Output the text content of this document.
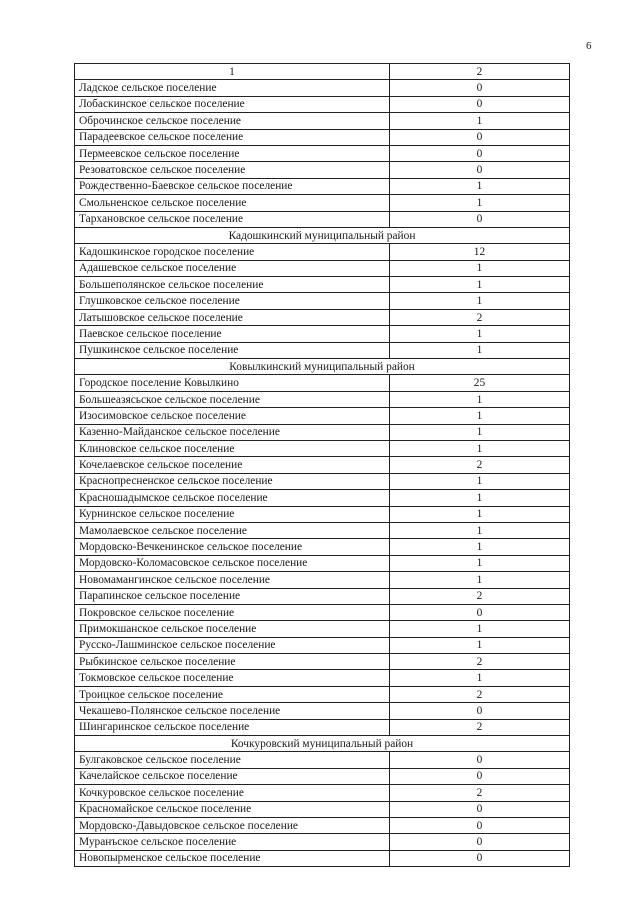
6
1	2
Ладское сельское поселение	0
Лобаскинское сельское поселение	0
Оброчинское сельское поселение	1
Парадеевское сельское поселение	0
Пермеевское сельское поселение	0
Резоватовское сельское поселение	0
Рождественно-Баевское сельское поселение	1
Смольненское сельское поселение	1
Тархановское сельское поселение	0
Кадошкинский муниципальный район	
Кадошкинское городское поселение	12
Адашевское сельское поселение	1
Большеполянское сельское поселение	1
Глушковское сельское поселение	1
Латышовское сельское поселение	2
Паевское сельское поселение	1
Пушкинское сельское поселение	1
Ковылкинский муниципальный район	
Городское поселение Ковылкино	25
Большеазясьское сельское поселение	1
Изосимовское сельское поселение	1
Казенно-Майданское сельское поселение	1
Клиновское сельское поселение	1
Кочелаевское сельское поселение	2
Краснопресненское сельское поселение	1
Красношадымское сельское поселение	1
Курнинское сельское поселение	1
Мамолаевское сельское поселение	1
Мордовско-Вечкенинское сельское поселение	1
Мордовско-Коломасовское сельское поселение	1
Новомамангинское сельское поселение	1
Парапинское сельское поселение	2
Покровское сельское поселение	0
Примокшанское сельское поселение	1
Русско-Лашминское сельское поселение	1
Рыбкинское сельское поселение	2
Токмовское сельское поселение	1
Троицкое сельское поселение	2
Чекашево-Полянское сельское поселение	0
Шингаринское сельское поселение	2
Кочкуровский муниципальный район	
Булгаковское сельское поселение	0
Качелайское сельское поселение	0
Кочкуровское сельское поселение	2
Красномайское сельское поселение	0
Мордовско-Давыдовское сельское поселение	0
Муранъское сельское поселение	0
Новопырменское сельское поселение	0
